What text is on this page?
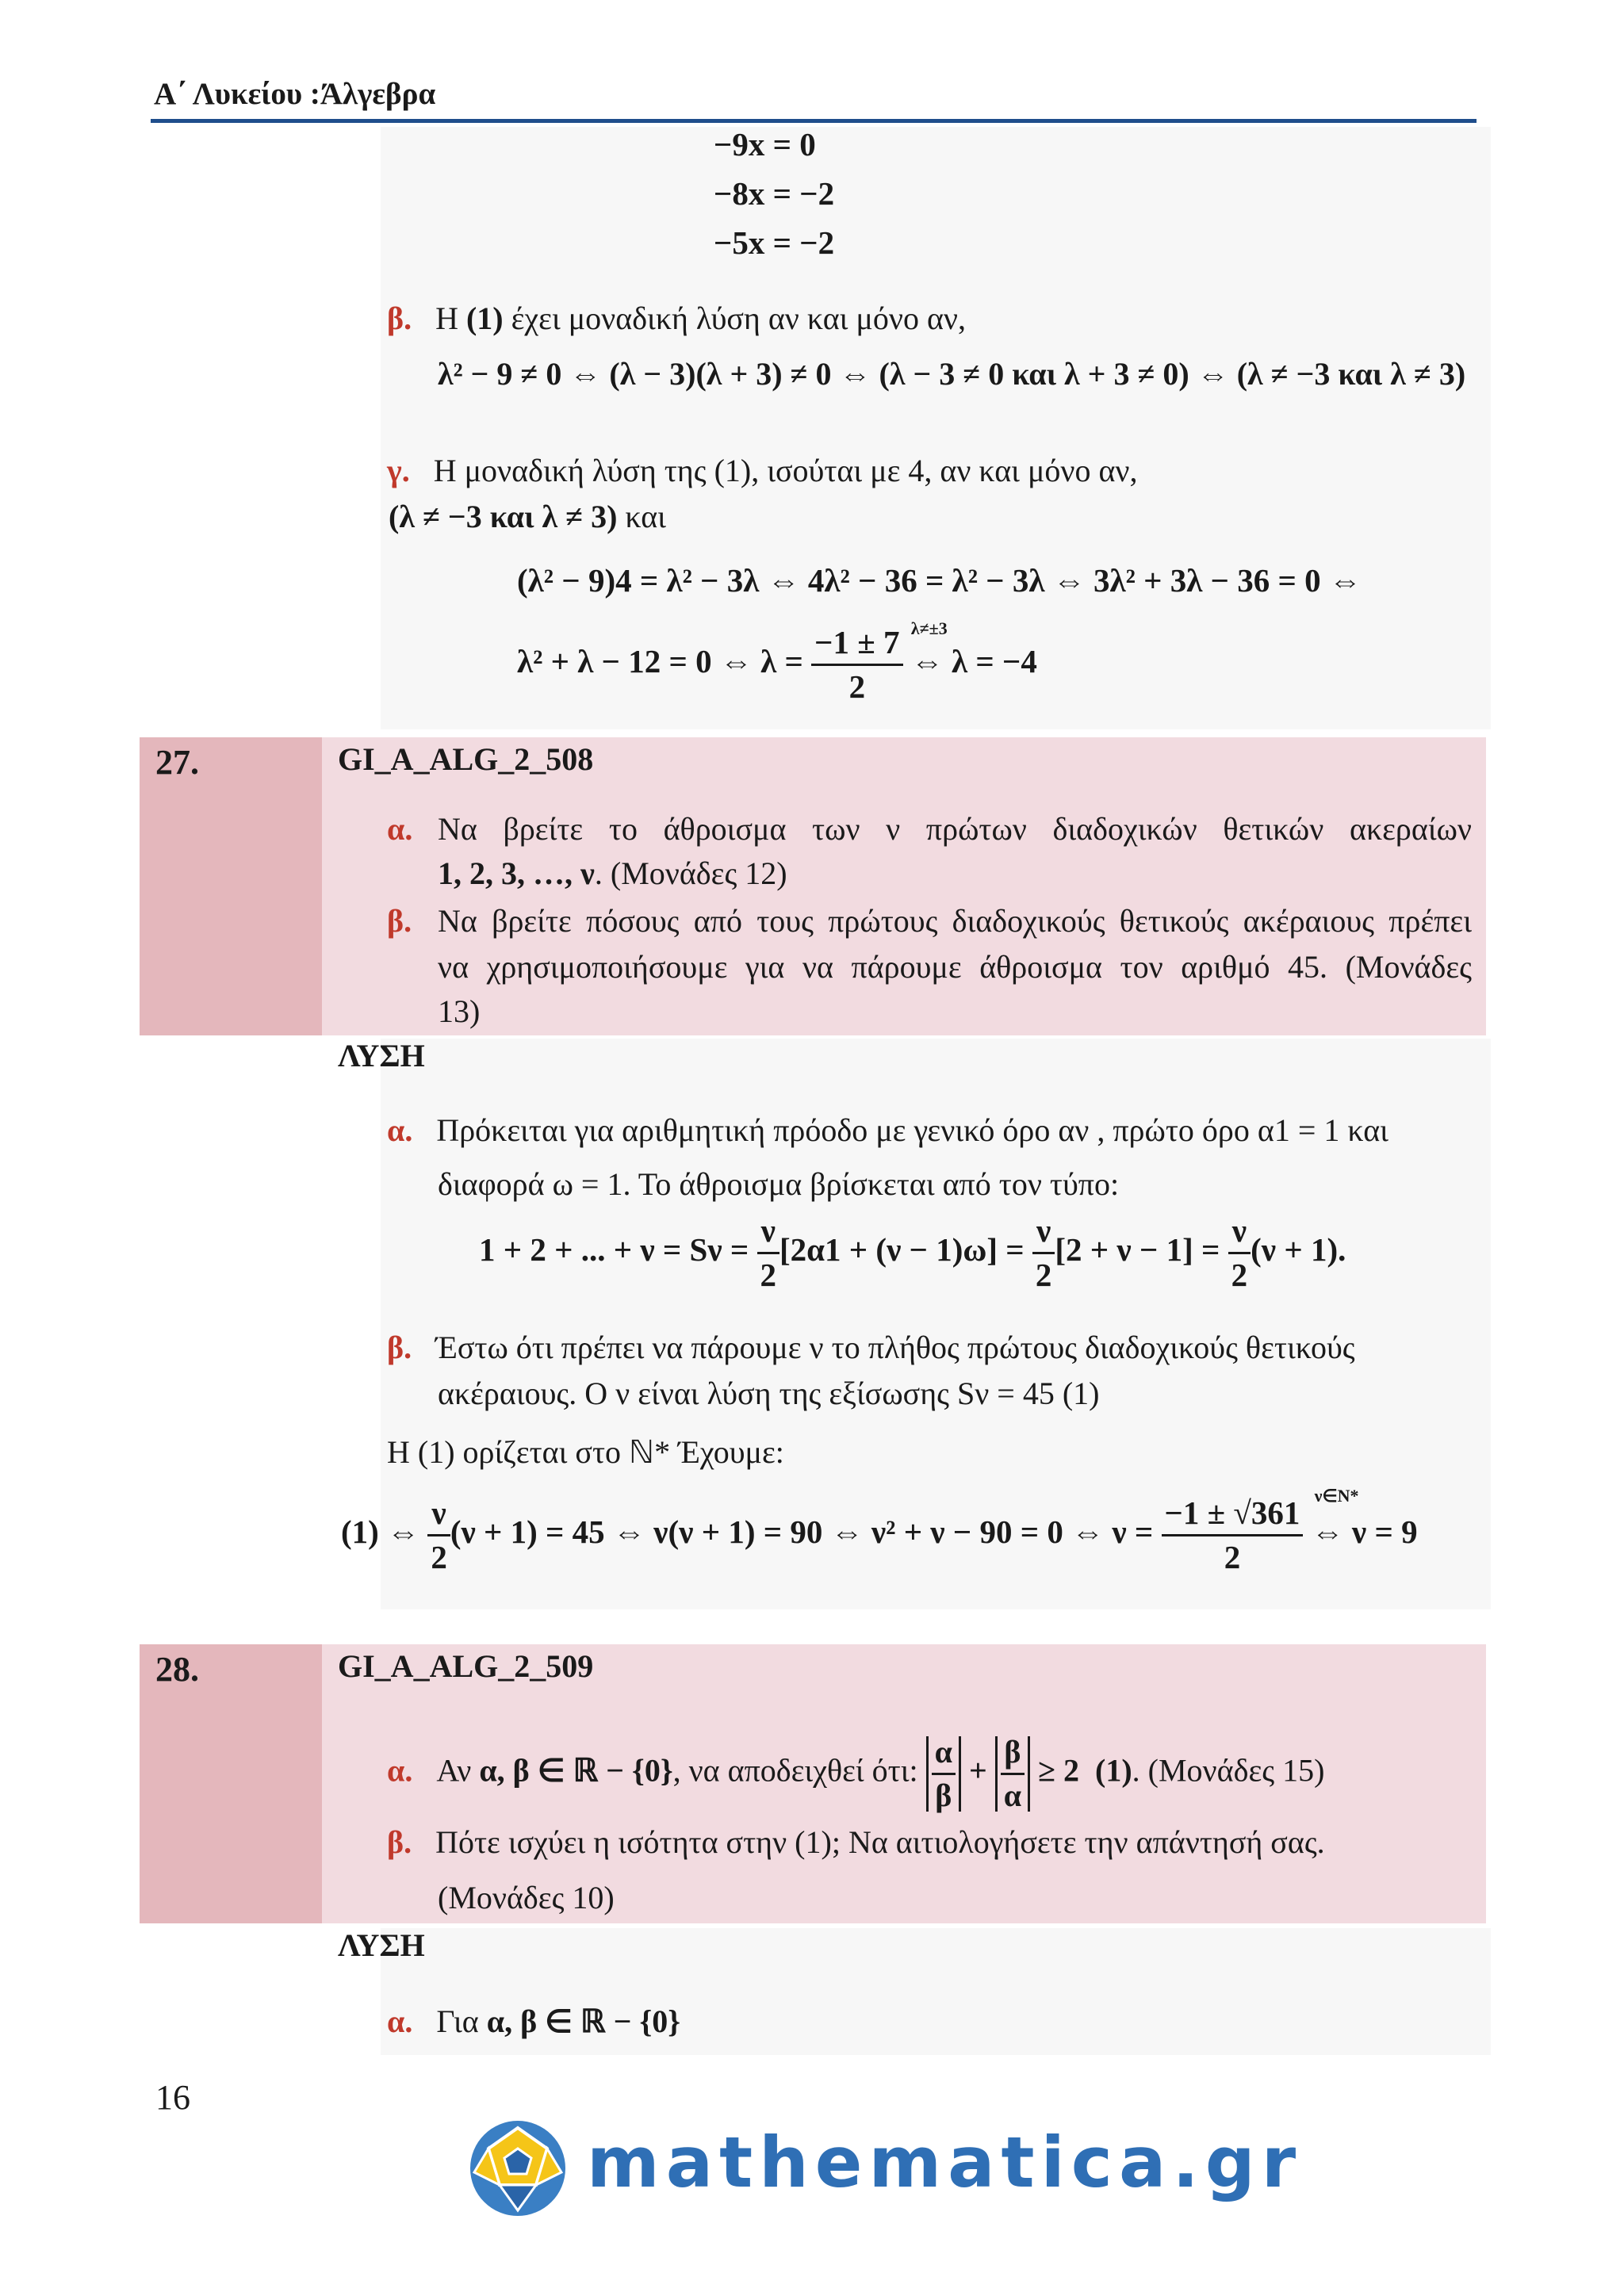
Α΄ Λυκείου :Άλγεβρα
−9x = 0
−8x = −2
−5x = −2
β. Η (1) έχει μοναδική λύση αν και μόνο αν,
λ² − 9 ≠ 0 ⇔ (λ − 3)(λ + 3) ≠ 0 ⇔ (λ − 3 ≠ 0 και λ + 3 ≠ 0) ⇔ (λ ≠ −3 και λ ≠ 3)
γ. Η μοναδική λύση της (1), ισούται με 4, αν και μόνο αν,
(λ ≠ −3 και λ ≠ 3) και
(λ² − 9)4 = λ² − 3λ ⇔ 4λ² − 36 = λ² − 3λ ⇔ 3λ² + 3λ − 36 = 0 ⇔
λ² + λ − 12 = 0 ⇔ $\lambda = \frac{-1 \pm 7}{2}$
λ≠±3
⇔ λ = −4
27.	GI_A_ALG_2_508
α. Να βρείτε το άθροισμα των ν πρώτων διαδοχικών θετικών ακεραίων
1, 2, 3, …, ν. (Μονάδες 12)
β. Να βρείτε πόσους από τους πρώτους διαδοχικούς θετικούς ακέραιους πρέπει
να χρησιμοποιήσουμε για να πάρουμε άθροισμα τον αριθμό 45. (Μονάδες
13)
ΛΥΣΗ
α. Πρόκειται για αριθμητική πρόοδο με γενικό όρο αν , πρώτο όρο α1 = 1 και
διαφορά ω = 1. Το άθροισμα βρίσκεται από τον τύπο:
1 + 2 + ... + $\nu = S\nu = \frac{\nu}{2} [2\alpha 1 + (\nu - 1)\omega] = \frac{\nu}{2} [2 + \nu - 1] = \frac{\nu}{2} (\nu + 1)$.
β. Έστω ότι πρέπει να πάρουμε ν το πλήθος πρώτους διαδοχικούς θετικούς
ακέραιους. Ο ν είναι λύση της εξίσωσης Sν = 45 (1)
Η (1) ορίζεται στο ℕ* Έχουμε:
(1) ⇔ $\frac{\nu}{2} (\nu + 1) = 45$ ⇔ ν(ν + 1) = 90 ⇔ ν² + ν − 90 = 0 ⇔ $\nu = \frac{-1 \pm √361}{2}$

ν∈N*
⇔ ν = 9
28.	GI_A_ALG_2_509
α. Αν α, β ∈ ℝ − {0}, να αποδειχθεί ότι: $\frac{\alpha}{\beta} + \frac{\beta}{\alpha} \ge 2$ (1). (Μονάδες 15)
β. Πότε ισχύει η ισότητα στην (1); Να αιτιολογήσετε την απάντησή σας.
(Μονάδες 10)
ΛΥΣΗ
α. Για α, β ∈ ℝ − {0}
16
mathematica.gr
